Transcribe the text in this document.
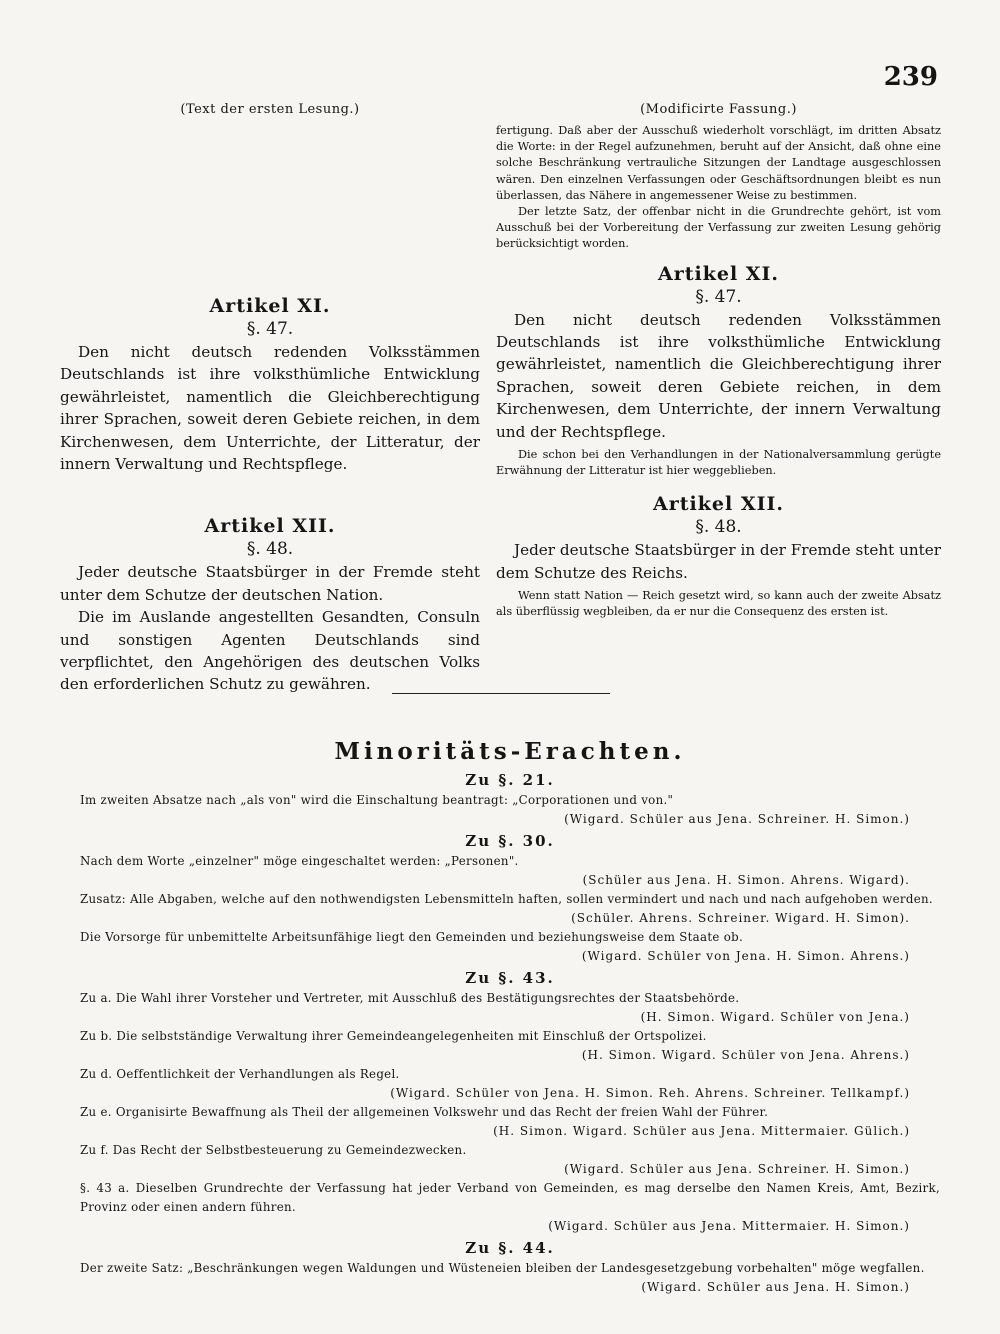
239
(Text der ersten Lesung.)

Artikel XI.

§. 47.

Den nicht deutsch redenden Volksstämmen Deutschlands ist ihre volksthümliche Entwicklung gewährleistet, namentlich die Gleichberechtigung ihrer Sprachen, soweit deren Gebiete reichen, in dem Kirchenwesen, dem Unterrichte, der Litteratur, der innern Verwaltung und Rechtspflege.

Artikel XII.

§. 48.

Jeder deutsche Staatsbürger in der Fremde steht unter dem Schutze der deutschen Nation.

Die im Auslande angestellten Gesandten, Consuln und sonstigen Agenten Deutschlands sind verpflichtet, den Angehörigen des deutschen Volks den erforderlichen Schutz zu gewähren.

(Modificirte Fassung.)

fertigung. Daß aber der Ausschuß wiederholt vorschlägt, im dritten Absatz die Worte: in der Regel aufzunehmen, beruht auf der Ansicht, daß ohne eine solche Beschränkung vertrauliche Sitzungen der Landtage ausgeschlossen wären. Den einzelnen Verfassungen oder Geschäftsordnungen bleibt es nun überlassen, das Nähere in angemessener Weise zu bestimmen.

Der letzte Satz, der offenbar nicht in die Grundrechte gehört, ist vom Ausschuß bei der Vorbereitung der Verfassung zur zweiten Lesung gehörig berücksichtigt worden.

Artikel XI.

§. 47.

Den nicht deutsch redenden Volksstämmen Deutschlands ist ihre volksthümliche Entwicklung gewährleistet, namentlich die Gleichberechtigung ihrer Sprachen, soweit deren Gebiete reichen, in dem Kirchenwesen, dem Unterrichte, der innern Verwaltung und der Rechtspflege.

Die schon bei den Verhandlungen in der Nationalversammlung gerügte Erwähnung der Litteratur ist hier weggeblieben.

Artikel XII.

§. 48.

Jeder deutsche Staatsbürger in der Fremde steht unter dem Schutze des Reichs.

Wenn statt Nation — Reich gesetzt wird, so kann auch der zweite Absatz als überflüssig wegbleiben, da er nur die Consequenz des ersten ist.

Minoritäts-Erachten.

Zu §. 21.

Im zweiten Absatze nach „als von" wird die Einschaltung beantragt: „Corporationen und von."

(Wigard. Schüler aus Jena. Schreiner. H. Simon.)

Zu §. 30.

Nach dem Worte „einzelner" möge eingeschaltet werden: „Personen".

(Schüler aus Jena. H. Simon. Ahrens. Wigard).

Zusatz: Alle Abgaben, welche auf den nothwendigsten Lebensmitteln haften, sollen vermindert und nach und nach aufgehoben werden.

(Schüler. Ahrens. Schreiner. Wigard. H. Simon).

Die Vorsorge für unbemittelte Arbeitsunfähige liegt den Gemeinden und beziehungsweise dem Staate ob.

(Wigard. Schüler von Jena. H. Simon. Ahrens.)

Zu §. 43.

Zu a. Die Wahl ihrer Vorsteher und Vertreter, mit Ausschluß des Bestätigungsrechtes der Staatsbehörde.

(H. Simon. Wigard. Schüler von Jena.)

Zu b. Die selbstständige Verwaltung ihrer Gemeindeangelegenheiten mit Einschluß der Ortspolizei.

(H. Simon. Wigard. Schüler von Jena. Ahrens.)

Zu d. Oeffentlichkeit der Verhandlungen als Regel.

(Wigard. Schüler von Jena. H. Simon. Reh. Ahrens. Schreiner. Tellkampf.)

Zu e. Organisirte Bewaffnung als Theil der allgemeinen Volkswehr und das Recht der freien Wahl der Führer.

(H. Simon. Wigard. Schüler aus Jena. Mittermaier. Gülich.)

Zu f. Das Recht der Selbstbesteuerung zu Gemeindezwecken.

(Wigard. Schüler aus Jena. Schreiner. H. Simon.)

§. 43 a. Dieselben Grundrechte der Verfassung hat jeder Verband von Gemeinden, es mag derselbe den Namen Kreis, Amt, Bezirk, Provinz oder einen andern führen.

(Wigard. Schüler aus Jena. Mittermaier. H. Simon.)

Zu §. 44.

Der zweite Satz: „Beschränkungen wegen Waldungen und Wüsteneien bleiben der Landesgesetzgebung vorbehalten" möge wegfallen.

(Wigard. Schüler aus Jena. H. Simon.)
